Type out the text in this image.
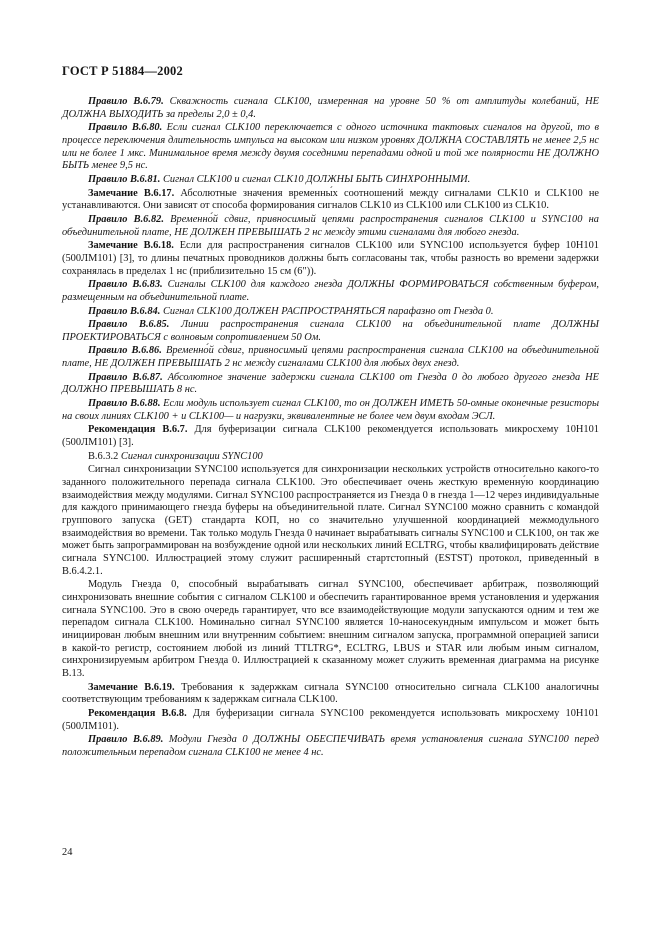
ГОСТ Р 51884—2002

Правило В.6.79. Скважность сигнала CLK100, измеренная на уровне 50 % от амплитуды колебаний, НЕ ДОЛЖНА ВЫХОДИТЬ за пределы 2,0 ± 0,4.

Правило В.6.80. Если сигнал CLK100 переключается с одного источника тактовых сигналов на другой, то в процессе переключения длительность импульса на высоком или низком уровнях ДОЛЖНА СОСТАВЛЯТЬ не менее 2,5 нс или не более 1 мкс. Минимальное время между двумя соседними перепадами одной и той же полярности НЕ ДОЛЖНО БЫТЬ менее 9,5 нс.

Правило В.6.81. Сигнал CLK100 и сигнал CLK10 ДОЛЖНЫ БЫТЬ СИНХРОННЫМИ.

Замечание В.6.17. Абсолютные значения временны́х соотношений между сигналами CLK10 и CLK100 не устанавливаются. Они зависят от способа формирования сигналов CLK10 из CLK100 или CLK100 из CLK10.

Правило В.6.82. Временно́й сдвиг, привносимый цепями распространения сигналов CLK100 и SYNC100 на объединительной плате, НЕ ДОЛЖЕН ПРЕВЫШАТЬ 2 нс между этими сигналами для любого гнезда.

Замечание В.6.18. Если для распространения сигналов CLK100 или SYNC100 используется буфер 10Н101 (500ЛМ101) [3], то длины печатных проводников должны быть согласованы так, чтобы разность во времени задержки сохранялась в пределах 1 нс (приблизительно 15 см (6")).

Правило В.6.83. Сигналы CLK100 для каждого гнезда ДОЛЖНЫ ФОРМИРОВАТЬСЯ собственным буфером, размещенным на объединительной плате.

Правило В.6.84. Сигнал CLK100 ДОЛЖЕН РАСПРОСТРАНЯТЬСЯ парафазно от Гнезда 0.

Правило В.6.85. Линии распространения сигнала CLK100 на объединительной плате ДОЛЖНЫ ПРОЕКТИРОВАТЬСЯ с волновым сопротивлением 50 Ом.

Правило В.6.86. Временно́й сдвиг, привносимый цепями распространения сигнала CLK100 на объединительной плате, НЕ ДОЛЖЕН ПРЕВЫШАТЬ 2 нс между сигналами CLK100 для любых двух гнезд.

Правило В.6.87. Абсолютное значение задержки сигнала CLK100 от Гнезда 0 до любого другого гнезда НЕ ДОЛЖНО ПРЕВЫШАТЬ 8 нс.

Правило В.6.88. Если модуль использует сигнал CLK100, то он ДОЛЖЕН ИМЕТЬ 50-омные оконечные резисторы на своих линиях CLK100 + и CLK100— и нагрузки, эквивалентные не более чем двум входам ЭСЛ.

Рекомендация В.6.7. Для буферизации сигнала CLK100 рекомендуется использовать микросхему 10Н101 (500ЛМ101) [3].

В.6.3.2 Сигнал синхронизации SYNC100

Сигнал синхронизации SYNC100 используется для синхронизации нескольких устройств относительно какого-то заданного положительного перепада сигнала CLK100. Это обеспечивает очень жесткую временну́ю координацию взаимодействия между модулями. Сигнал SYNC100 распространяется из Гнезда 0 в гнезда 1—12 через индивидуальные для каждого принимающего гнезда буферы на объединительной плате. Сигнал SYNC100 можно сравнить с командой группового запуска (GET) стандарта КОП, но со значительно улучшенной координацией межмодульного взаимодействия во времени. Так только модуль Гнезда 0 начинает вырабатывать сигналы SYNC100 и CLK100, он так же может быть запрограммирован на возбуждение одной или нескольких линий ECLTRG, чтобы квалифицировать действие сигнала SYNC100. Иллюстрацией этому служит расширенный стартстопный (ESTST) протокол, приведенный в В.6.4.2.1.

Модуль Гнезда 0, способный вырабатывать сигнал SYNC100, обеспечивает арбитраж, позволяющий синхронизовать внешние события с сигналом CLK100 и обеспечить гарантированное время установления и удержания сигнала SYNC100. Это в свою очередь гарантирует, что все взаимодействующие модули запускаются одним и тем же перепадом сигнала CLK100. Номинально сигнал SYNC100 является 10-наносекундным импульсом и может быть инициирован любым внешним или внутренним событием: внешним сигналом запуска, программной операцией записи в какой-то регистр, состоянием любой из линий TTLTRG*, ECLTRG, LBUS и STAR или любым иным сигналом, синхронизируемым арбитром Гнезда 0. Иллюстрацией к сказанному может служить временная диаграмма на рисунке В.13.

Замечание В.6.19. Требования к задержкам сигнала SYNC100 относительно сигнала CLK100 аналогичны соответствующим требованиям к задержкам сигнала CLK100.

Рекомендация В.6.8. Для буферизации сигнала SYNC100 рекомендуется использовать микросхему 10Н101 (500ЛМ101).

Правило В.6.89. Модули Гнезда 0 ДОЛЖНЫ ОБЕСПЕЧИВАТЬ время установления сигнала SYNC100 перед положительным перепадом сигнала CLK100 не менее 4 нс.

24
